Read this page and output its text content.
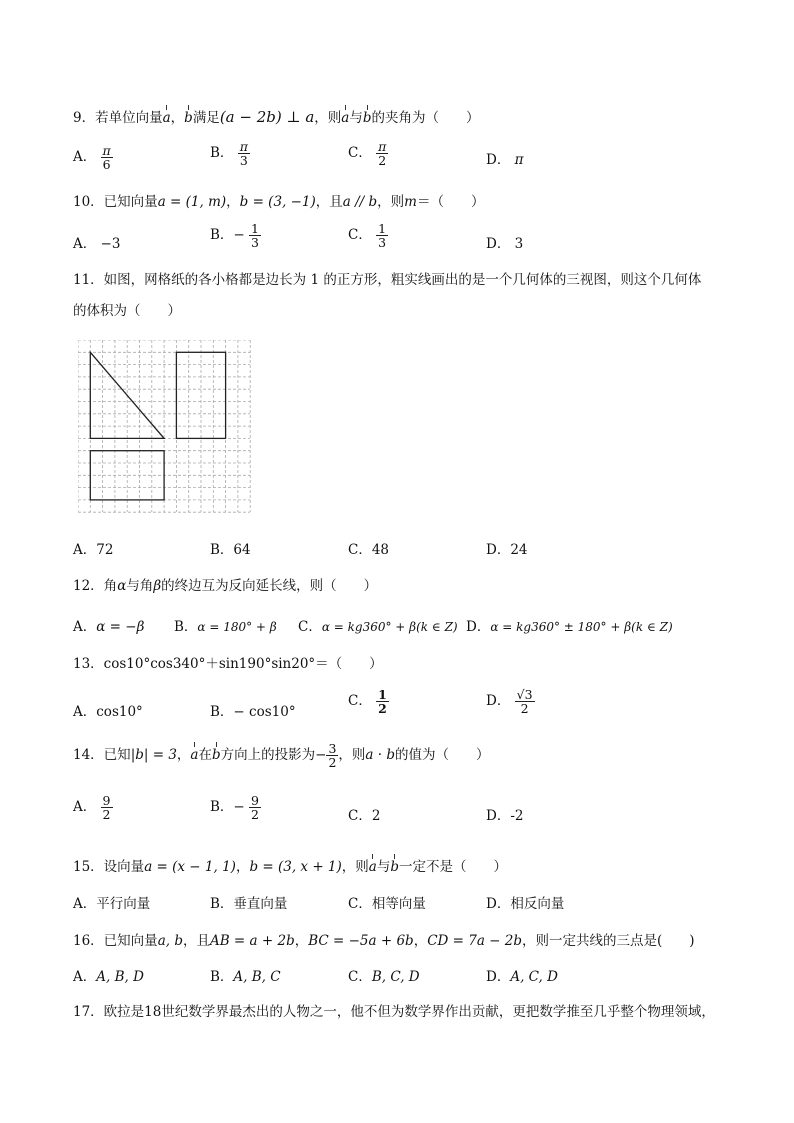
9．若单位向量a，b满足(a − 2b) ⊥ a，则a与b的夹角为（　　）
A． $\frac{\pi}{6}$	B． $\frac{\pi}{3}$	C． $\frac{\pi}{2}$	D． π
10．已知向量a = (1, m)，b = (3, −1)，且a // b，则m＝（　　）
A． −3
B．− $\frac{1}{3}$	C． $\frac{1}{3}$	D． 3
11．如图，网格纸的各小格都是边长为 1 的正方形，粗实线画出的是一个几何体的三视图，则这个几何体
的体积为（　　）
A．72	B．64	C．48	D．24
12．角α与角β的终边互为反向延长线，则（　　）
A．α = −β B．α = 180° + β C．α = kg360° + β(k ∈ Z) D．α = kg360° ± 180° + β(k ∈ Z)
13．cos10°cos340°＋sin190°sin20°＝（　　）
A．cos10°	B．− cos10°
C． $\frac{1}{2}$	D． $\frac{√3}{2}$
14．已知|b| = 3，a在b方向上的投影为− $\frac{3}{2}$ ，则a · b的值为（　　）
A． $\frac{9}{2}$	B．− $\frac{9}{2}$	C．2	D．-2
15．设向量a = (x − 1, 1)，b = (3, x + 1)，则a与b一定不是（　　）
A．平行向量	B．垂直向量	C．相等向量	D．相反向量
16．已知向量a, b，且AB = a + 2b，BC = −5a + 6b，CD = 7a − 2b，则一定共线的三点是(　　)
A．A, B, D	B．A, B, C	C．B, C, D	D．A, C, D
17．欧拉是18世纪数学界最杰出的人物之一，他不但为数学界作出贡献，更把数学推至几乎整个物理领域，
